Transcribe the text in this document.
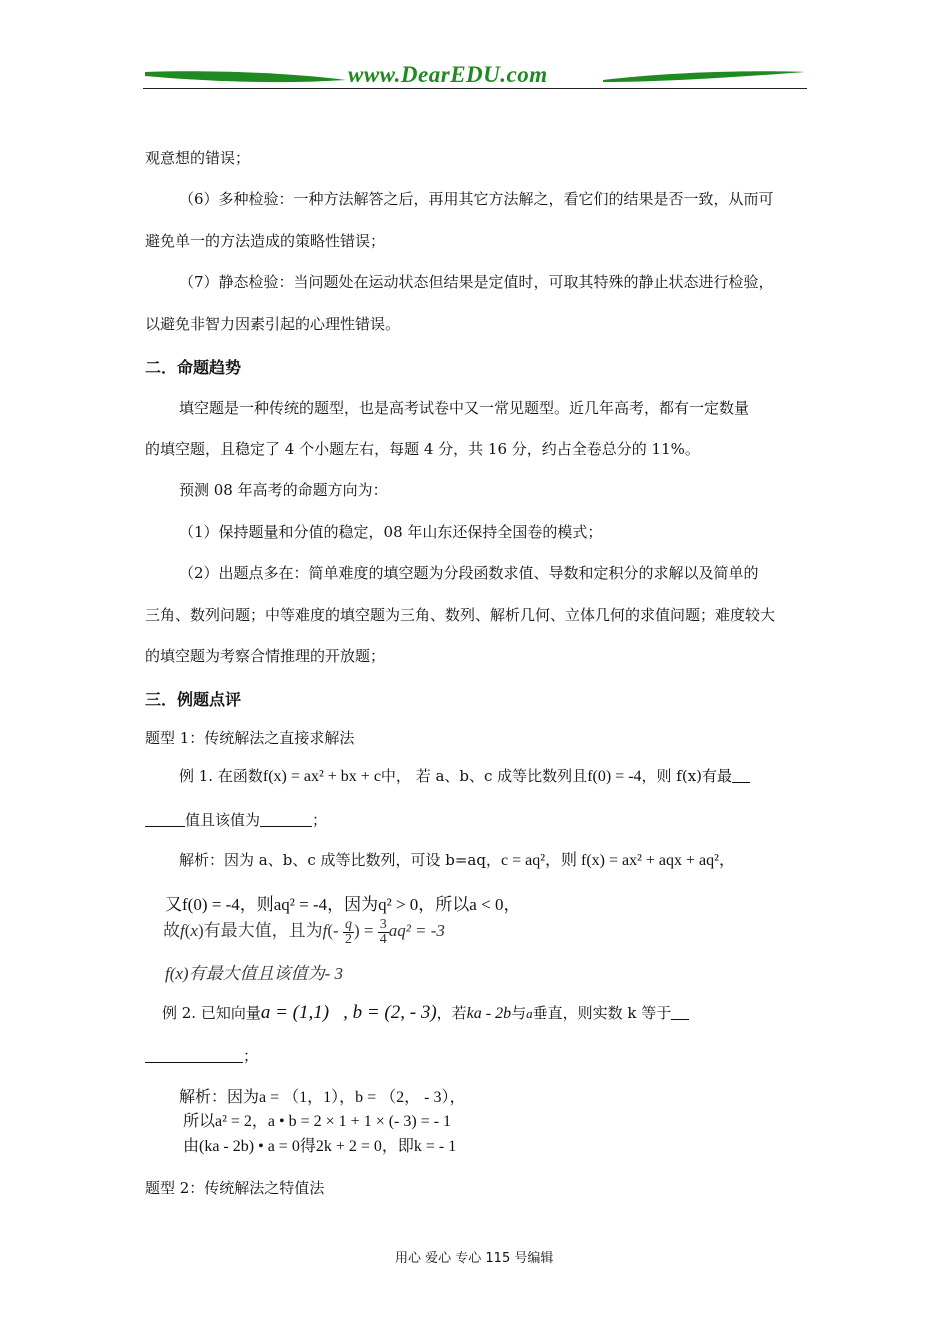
www.DearEDU.com
观意想的错误；
（6）多种检验：一种方法解答之后，再用其它方法解之，看它们的结果是否一致，从而可
避免单一的方法造成的策略性错误；
（7）静态检验：当问题处在运动状态但结果是定值时，可取其特殊的静止状态进行检验，
以避免非智力因素引起的心理性错误。
二．命题趋势
填空题是一种传统的题型，也是高考试卷中又一常见题型。近几年高考，都有一定数量
的填空题，且稳定了 4 个小题左右，每题 4 分，共 16 分，约占全卷总分的 11%。
预测 08 年高考的命题方向为：
（1）保持题量和分值的稳定，08 年山东还保持全国卷的模式；
（2）出题点多在：简单难度的填空题为分段函数求值、导数和定积分的求解以及简单的
三角、数列问题；中等难度的填空题为三角、数列、解析几何、立体几何的求值问题；难度较大
的填空题为考察合情推理的开放题；
三．例题点评
题型 1：传统解法之直接求解法
例 1. 在函数f(x) = ax² + bx + c中， 若 a、b、c 成等比数列且f(0) = -4，则 f(x)有最
值且该值为	；
解析：因为 a、b、c 成等比数列，可设 b=aq，c = aq²，则 f(x) = ax² + aqx + aq²，
又f(0) = -4，则aq² = -4，因为q² > 0，所以a < 0，
故f(x)有最大值，且为$f(- \frac{q}{2}$ ) = $\frac{3}{4} aq^2 = -3$
f(x)有最大值且该值为- 3
例 2. 已知向量a = (1,1) , b = (2, - 3)，若ka - 2b与a垂直，则实数 k 等于
；
解析：因为a = （1，1），b = （2， - 3），
所以a² = 2，a • b = 2 × 1 + 1 × (- 3) = - 1
由(ka - 2b) • a = 0得2k + 2 = 0，即k = - 1
题型 2：传统解法之特值法
用心 爱心 专心 115 号编辑
